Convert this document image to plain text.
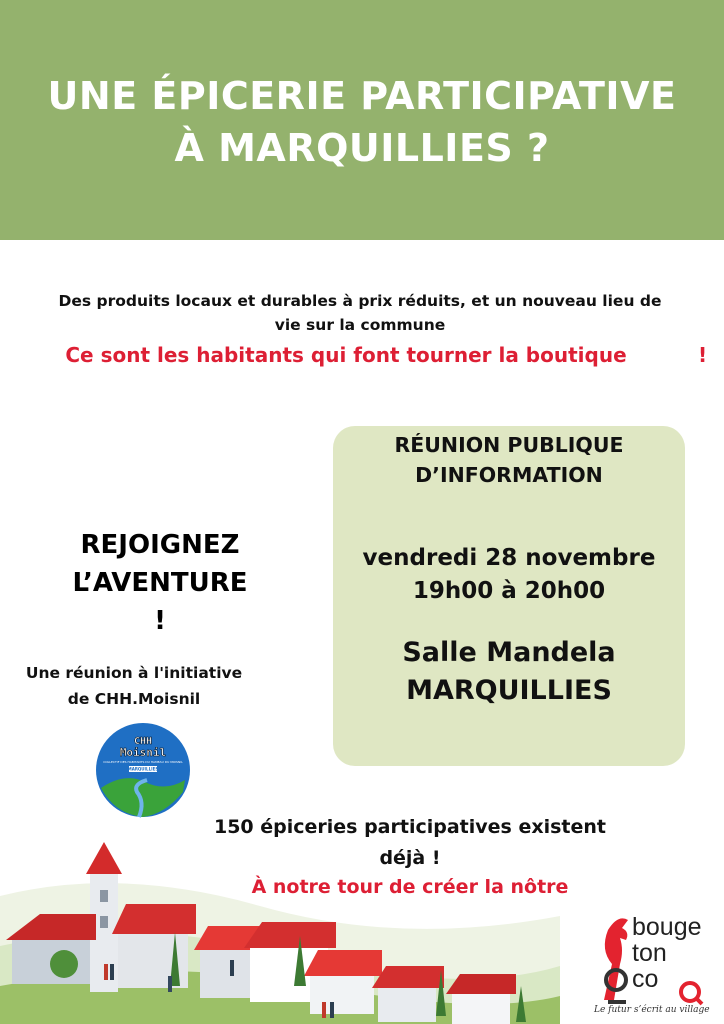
UNE ÉPICERIE PARTICIPATIVE
À MARQUILLIES ?
Des produits locaux et durables à prix réduits, et un nouveau lieu de
vie sur la commune
Ce sont les habitants qui font tourner la boutique	!
REJOIGNEZ
L’AVENTURE
!
Une réunion à l'initiative
de CHH.Moisnil
CHH
Moisnil
COLLECTIF DES HABITANTS DU HAMEAU DU MOISNIL
MARQUILLIES
RÉUNION PUBLIQUE
D’INFORMATION
vendredi 28 novembre
19h00 à 20h00
Salle Mandela
MARQUILLIES
150 épiceries participatives existent
déjà !
À notre tour de créer la nôtre
bouge
ton
co
Le futur s’écrit au village
